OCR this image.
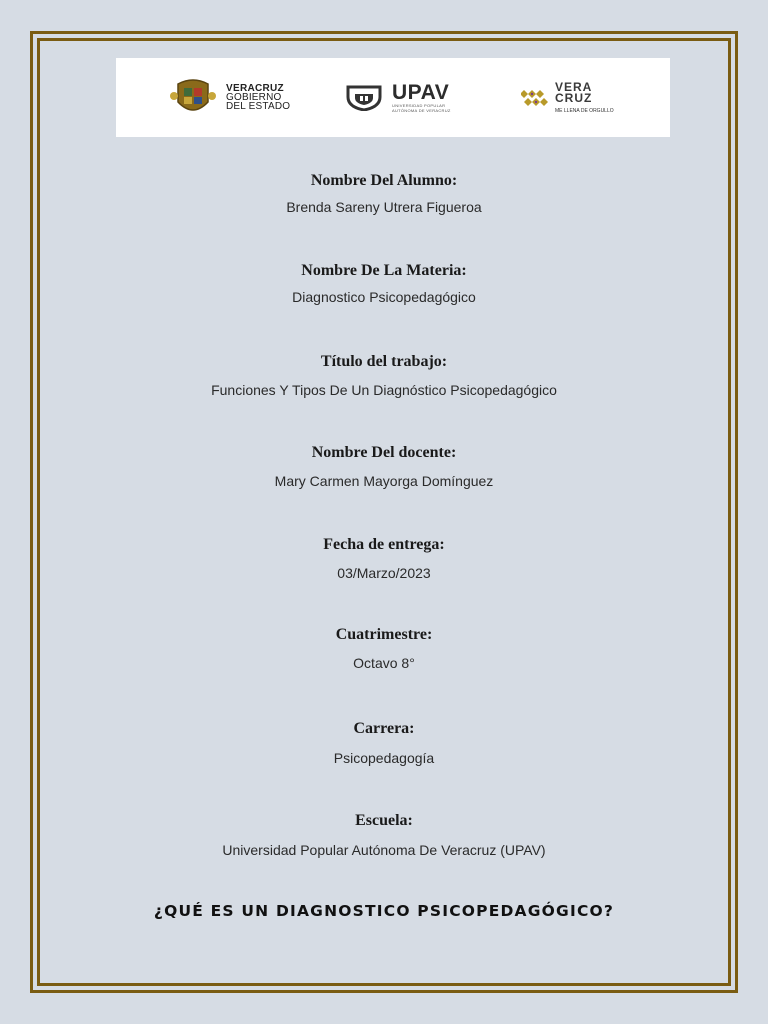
VERACRUZ
GOBIERNO
DEL ESTADO
UPAV
UNIVERSIDAD POPULAR
AUTÓNOMA DE VERACRUZ
VERA
CRUZ
ME LLENA DE ORGULLO
Nombre Del Alumno:
Brenda Sareny Utrera Figueroa
Nombre De La Materia:
Diagnostico Psicopedagógico
Título del trabajo:
Funciones Y Tipos De Un Diagnóstico Psicopedagógico
Nombre Del docente:
Mary Carmen Mayorga Domínguez
Fecha de entrega:
03/Marzo/2023
Cuatrimestre:
Octavo 8°
Carrera:
Psicopedagogía
Escuela:
Universidad Popular Autónoma De Veracruz (UPAV)
¿QUÉ ES UN DIAGNOSTICO PSICOPEDAGÓGICO?
